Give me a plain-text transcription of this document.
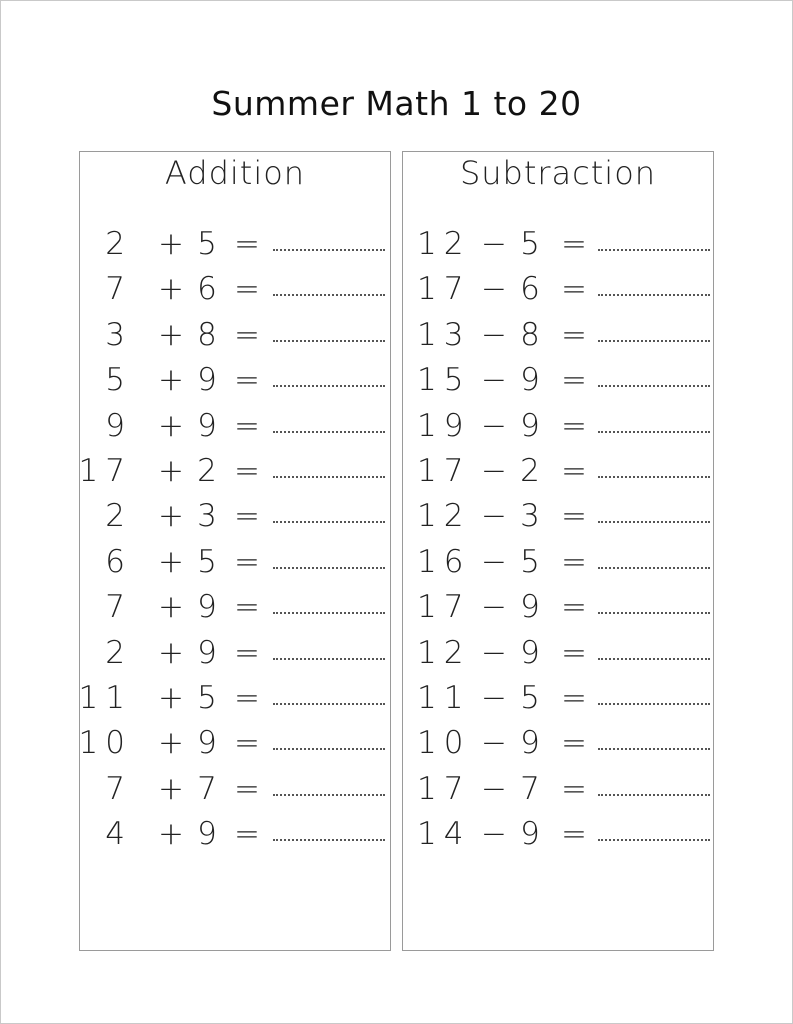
Summer Math 1 to 20
Addition
2 + 5 =
7 + 6 =
3 + 8 =
5 + 9 =
9 + 9 =
17 + 2 =
2 + 3 =
6 + 5 =
7 + 9 =
2 + 9 =
11 + 5 =
10 + 9 =
7 + 7 =
4 + 9 =
Subtraction
12 − 5 =
17 − 6 =
13 − 8 =
15 − 9 =
19 − 9 =
17 − 2 =
12 − 3 =
16 − 5 =
17 − 9 =
12 − 9 =
11 − 5 =
10 − 9 =
17 − 7 =
14 − 9 =
